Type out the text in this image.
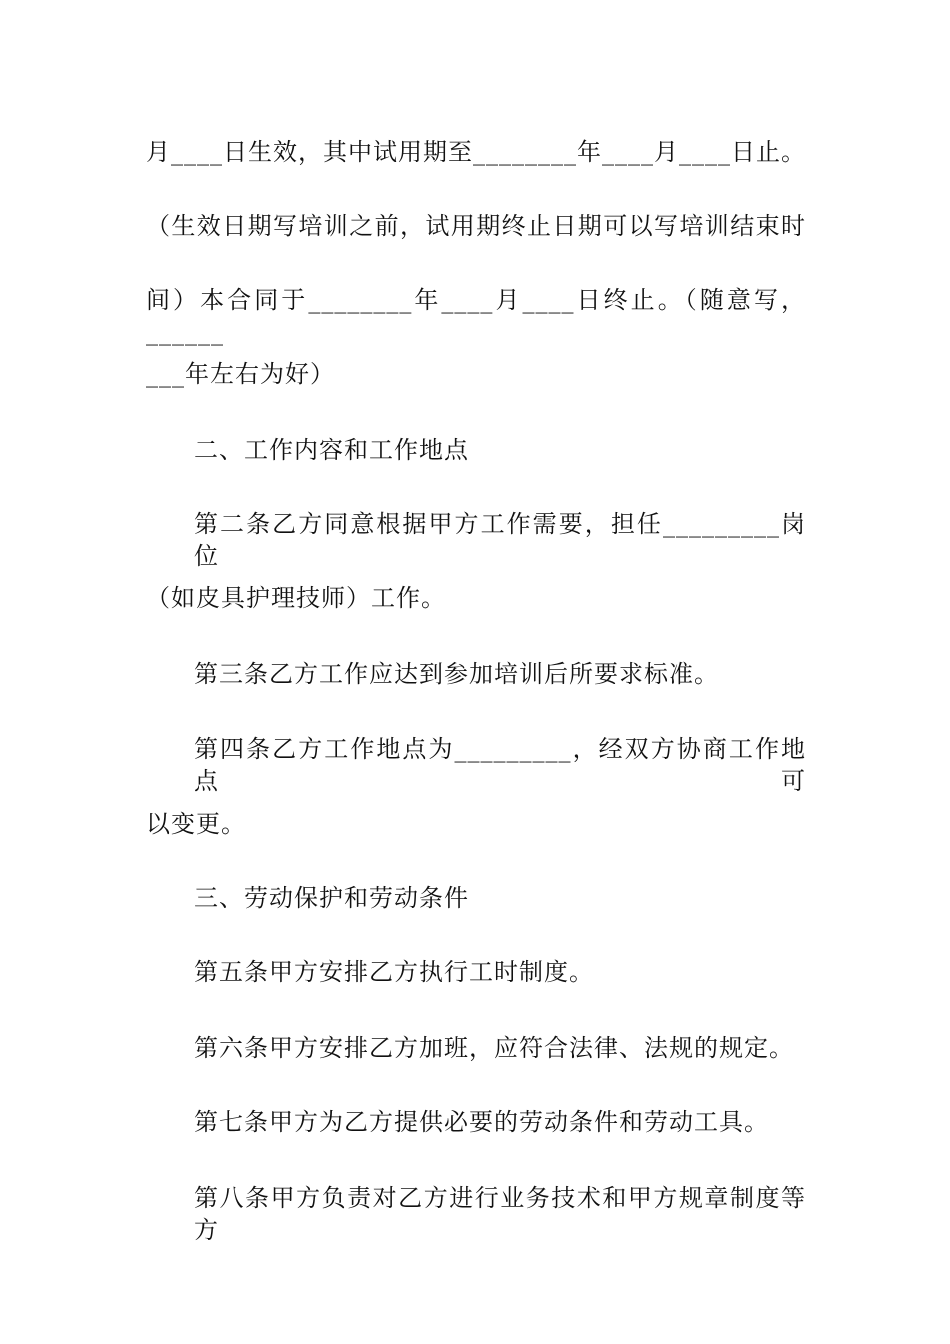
月____日生效，其中试用期至________年____月____日止。
（生效日期写培训之前，试用期终止日期可以写培训结束时
间）本合同于________年____月____日终止。（随意写，______
___年左右为好）
二、工作内容和工作地点
第二条乙方同意根据甲方工作需要，担任_________岗位
（如皮具护理技师）工作。
第三条乙方工作应达到参加培训后所要求标准。
第四条乙方工作地点为_________，经双方协商工作地点可
以变更。
三、劳动保护和劳动条件
第五条甲方安排乙方执行工时制度。
第六条甲方安排乙方加班，应符合法律、法规的规定。
第七条甲方为乙方提供必要的劳动条件和劳动工具。
第八条甲方负责对乙方进行业务技术和甲方规章制度等方
